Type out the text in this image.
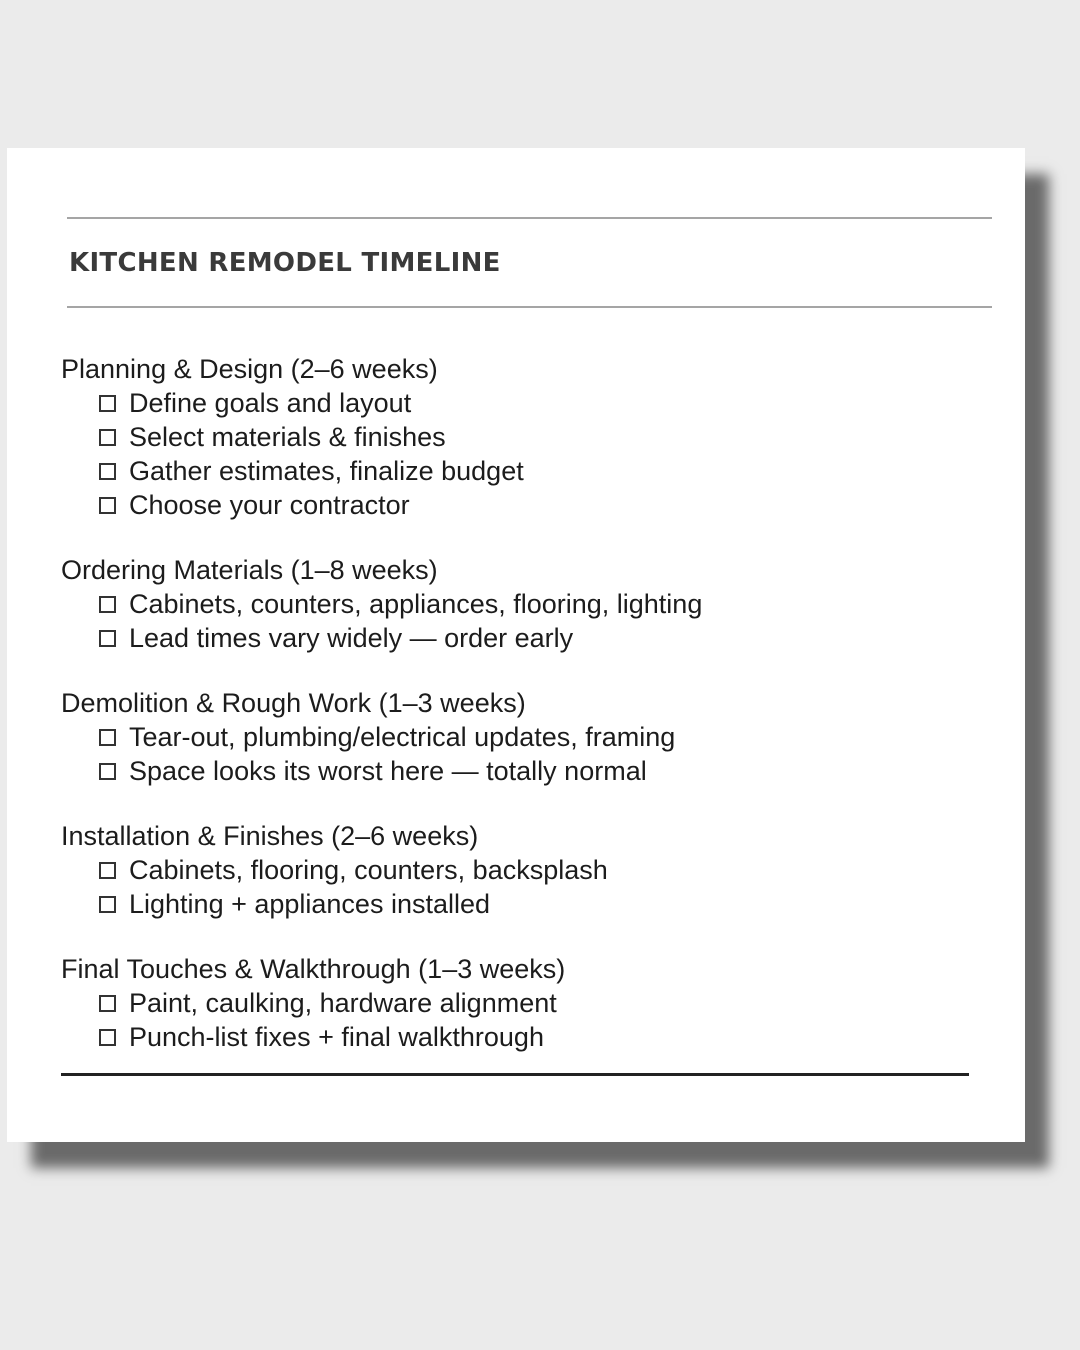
KITCHEN REMODEL TIMELINE
Planning & Design (2–6 weeks)
Define goals and layout
Select materials & finishes
Gather estimates, finalize budget
Choose your contractor
Ordering Materials (1–8 weeks)
Cabinets, counters, appliances, flooring, lighting
Lead times vary widely — order early
Demolition & Rough Work (1–3 weeks)
Tear-out, plumbing/electrical updates, framing
Space looks its worst here — totally normal
Installation & Finishes (2–6 weeks)
Cabinets, flooring, counters, backsplash
Lighting + appliances installed
Final Touches & Walkthrough (1–3 weeks)
Paint, caulking, hardware alignment
Punch-list fixes + final walkthrough
